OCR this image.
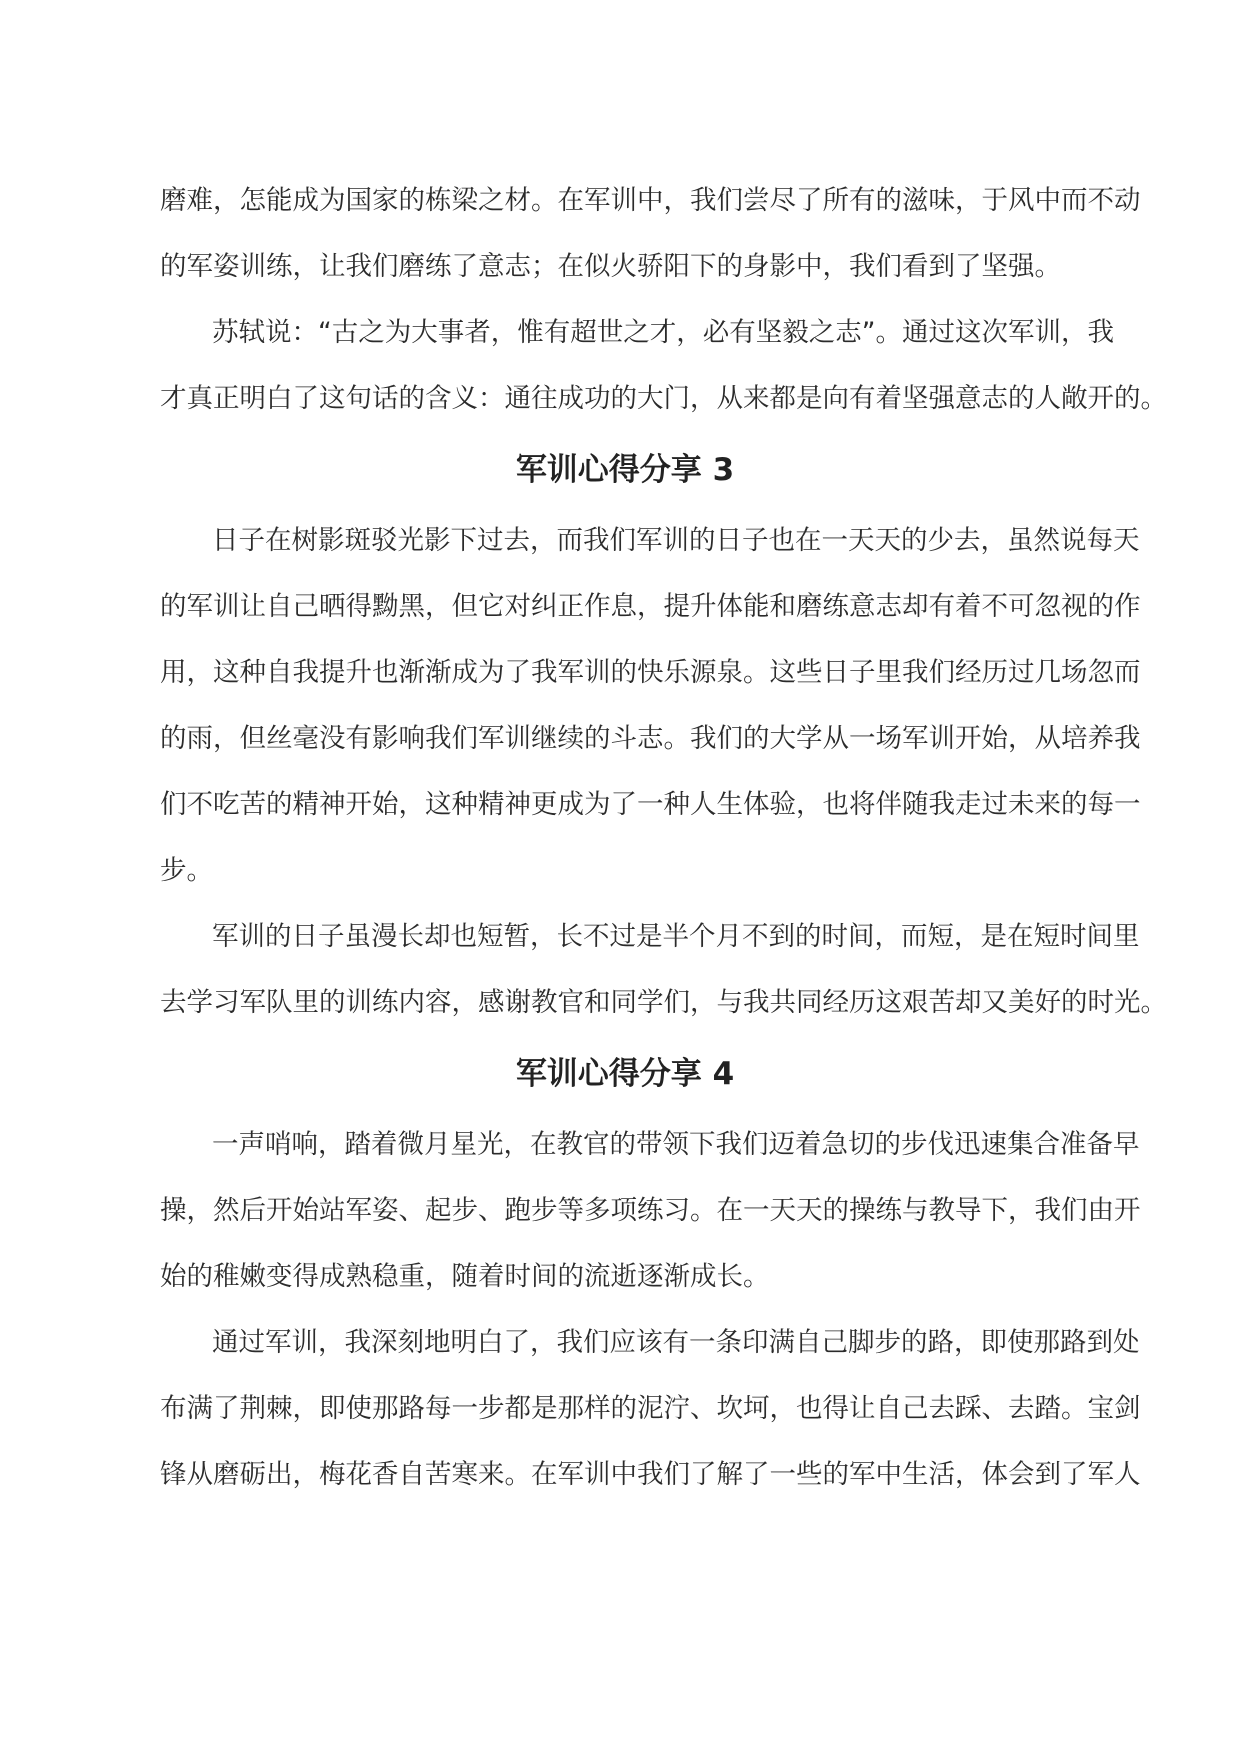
磨难，怎能成为国家的栋梁之材。在军训中，我们尝尽了所有的滋味，于风中而不动
的军姿训练，让我们磨练了意志；在似火骄阳下的身影中，我们看到了坚强。
苏轼说：“古之为大事者，惟有超世之才，必有坚毅之志”。通过这次军训，我
才真正明白了这句话的含义：通往成功的大门，从来都是向有着坚强意志的人敞开的。
军训心得分享 3
日子在树影斑驳光影下过去，而我们军训的日子也在一天天的少去，虽然说每天
的军训让自己晒得黝黑，但它对纠正作息，提升体能和磨练意志却有着不可忽视的作
用，这种自我提升也渐渐成为了我军训的快乐源泉。这些日子里我们经历过几场忽而
的雨，但丝毫没有影响我们军训继续的斗志。我们的大学从一场军训开始，从培养我
们不吃苦的精神开始，这种精神更成为了一种人生体验，也将伴随我走过未来的每一
步。
军训的日子虽漫长却也短暂，长不过是半个月不到的时间，而短，是在短时间里
去学习军队里的训练内容，感谢教官和同学们，与我共同经历这艰苦却又美好的时光。
军训心得分享 4
一声哨响，踏着微月星光，在教官的带领下我们迈着急切的步伐迅速集合准备早
操，然后开始站军姿、起步、跑步等多项练习。在一天天的操练与教导下，我们由开
始的稚嫩变得成熟稳重，随着时间的流逝逐渐成长。
通过军训，我深刻地明白了，我们应该有一条印满自己脚步的路，即使那路到处
布满了荆棘，即使那路每一步都是那样的泥泞、坎坷，也得让自己去踩、去踏。宝剑
锋从磨砺出，梅花香自苦寒来。在军训中我们了解了一些的军中生活，体会到了军人
